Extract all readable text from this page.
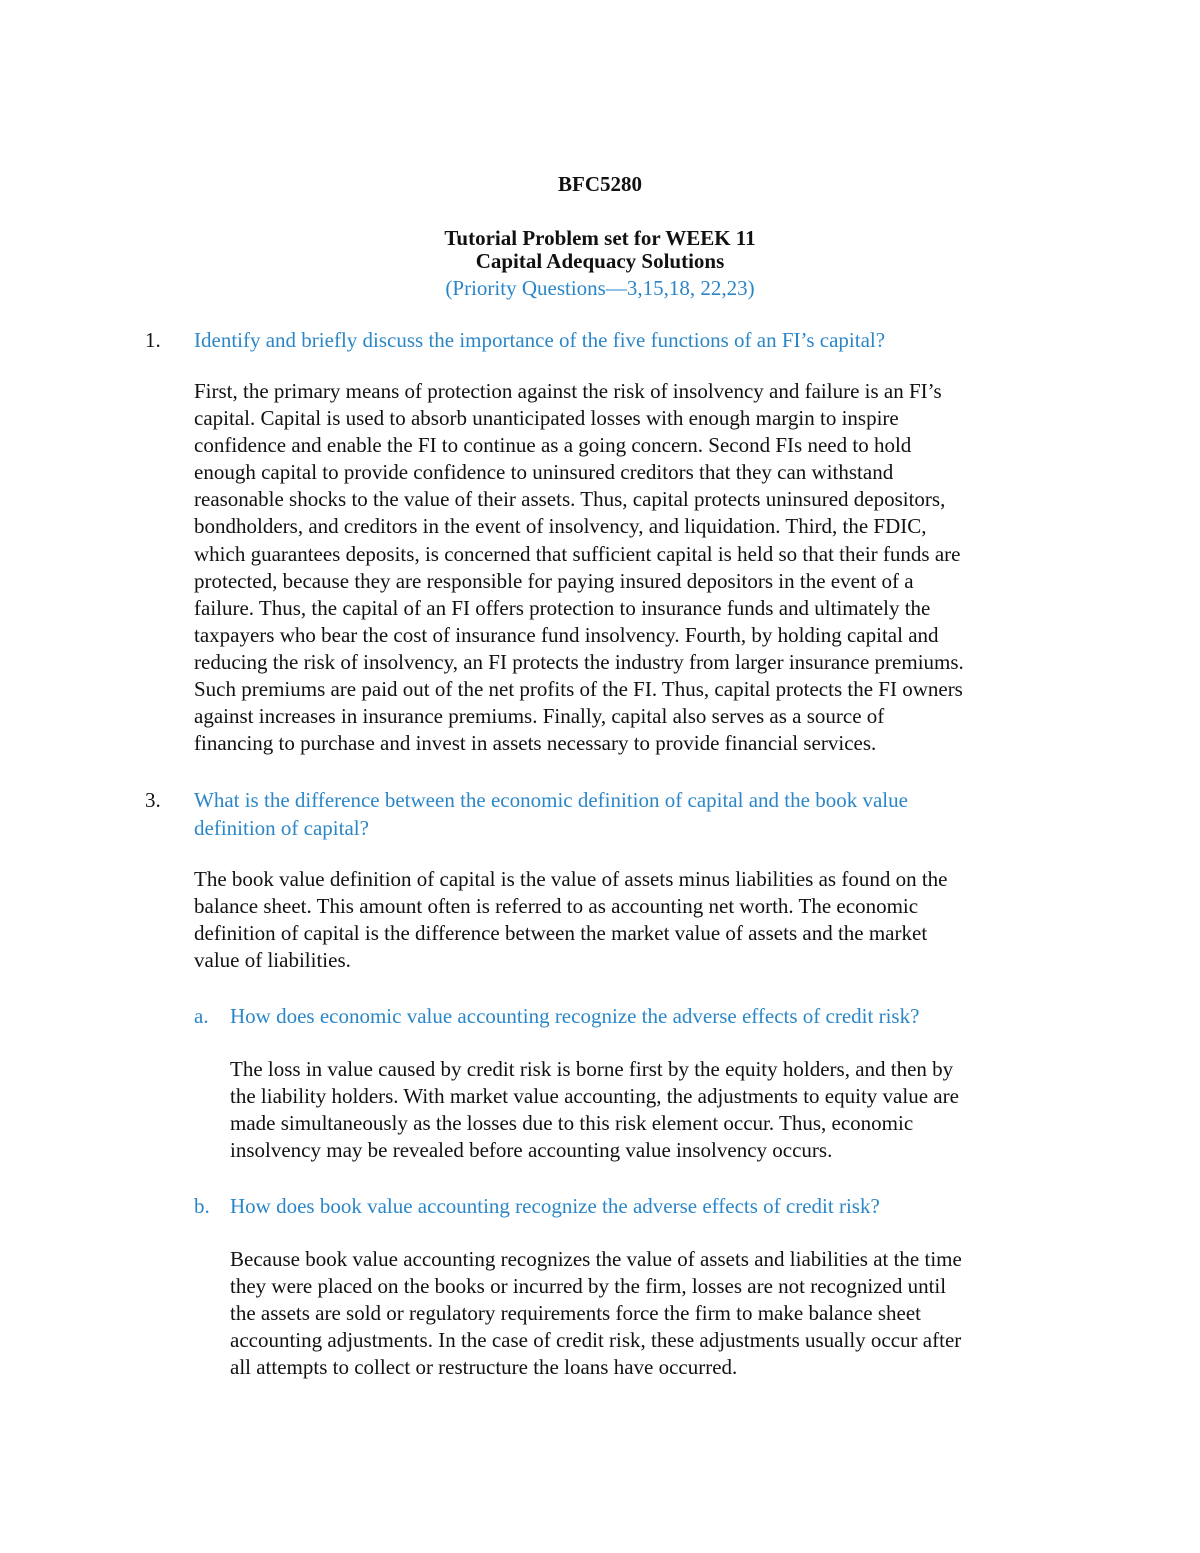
BFC5280
Tutorial Problem set for WEEK 11
Capital Adequacy Solutions
(Priority Questions—3,15,18, 22,23)
1. Identify and briefly discuss the importance of the five functions of an FI’s capital?
First, the primary means of protection against the risk of insolvency and failure is an FI’s
capital. Capital is used to absorb unanticipated losses with enough margin to inspire
confidence and enable the FI to continue as a going concern. Second FIs need to hold
enough capital to provide confidence to uninsured creditors that they can withstand
reasonable shocks to the value of their assets. Thus, capital protects uninsured depositors,
bondholders, and creditors in the event of insolvency, and liquidation. Third, the FDIC,
which guarantees deposits, is concerned that sufficient capital is held so that their funds are
protected, because they are responsible for paying insured depositors in the event of a
failure. Thus, the capital of an FI offers protection to insurance funds and ultimately the
taxpayers who bear the cost of insurance fund insolvency. Fourth, by holding capital and
reducing the risk of insolvency, an FI protects the industry from larger insurance premiums.
Such premiums are paid out of the net profits of the FI. Thus, capital protects the FI owners
against increases in insurance premiums. Finally, capital also serves as a source of
financing to purchase and invest in assets necessary to provide financial services.
3. What is the difference between the economic definition of capital and the book value
definition of capital?
The book value definition of capital is the value of assets minus liabilities as found on the
balance sheet. This amount often is referred to as accounting net worth. The economic
definition of capital is the difference between the market value of assets and the market
value of liabilities.
a. How does economic value accounting recognize the adverse effects of credit risk?
The loss in value caused by credit risk is borne first by the equity holders, and then by
the liability holders. With market value accounting, the adjustments to equity value are
made simultaneously as the losses due to this risk element occur. Thus, economic
insolvency may be revealed before accounting value insolvency occurs.
b. How does book value accounting recognize the adverse effects of credit risk?
Because book value accounting recognizes the value of assets and liabilities at the time
they were placed on the books or incurred by the firm, losses are not recognized until
the assets are sold or regulatory requirements force the firm to make balance sheet
accounting adjustments. In the case of credit risk, these adjustments usually occur after
all attempts to collect or restructure the loans have occurred.
